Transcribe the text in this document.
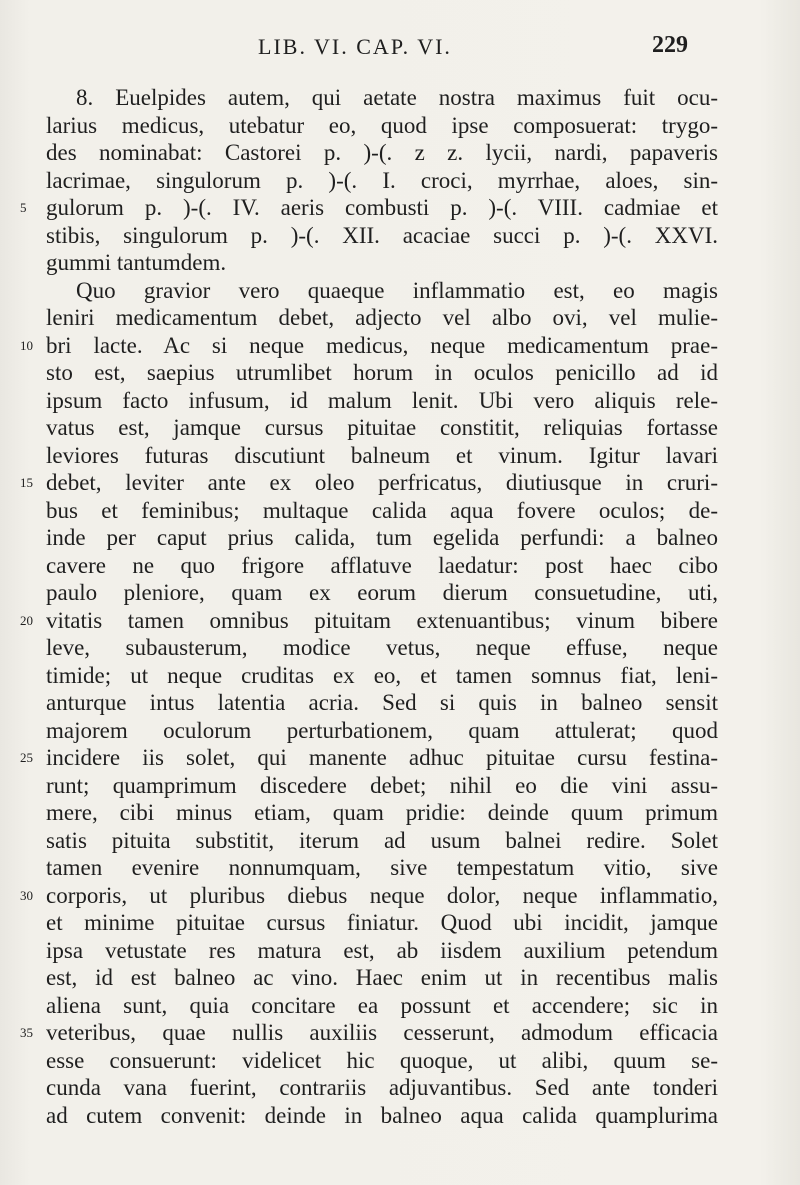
LIB. VI. CAP. VI.	229
8. Euelpides autem, qui aetate nostra maximus fuit ocu-
larius medicus, utebatur eo, quod ipse composuerat: trygo-
des nominabat: Castorei p. )-(. z z. lycii, nardi, papaveris
lacrimae, singulorum p. )-(. I. croci, myrrhae, aloes, sin-
5 gulorum p. )-(. IV. aeris combusti p. )-(. VIII. cadmiae et
stibis, singulorum p. )-(. XII. acaciae succi p. )-(. XXVI.
gummi tantumdem.
Quo gravior vero quaeque inflammatio est, eo magis
leniri medicamentum debet, adjecto vel albo ovi, vel mulie-
10 bri lacte. Ac si neque medicus, neque medicamentum prae-
sto est, saepius utrumlibet horum in oculos penicillo ad id
ipsum facto infusum, id malum lenit. Ubi vero aliquis rele-
vatus est, jamque cursus pituitae constitit, reliquias fortasse
leviores futuras discutiunt balneum et vinum. Igitur lavari
15 debet, leviter ante ex oleo perfricatus, diutiusque in cruri-
bus et feminibus; multaque calida aqua fovere oculos; de-
inde per caput prius calida, tum egelida perfundi: a balneo
cavere ne quo frigore afflatuve laedatur: post haec cibo
paulo pleniore, quam ex eorum dierum consuetudine, uti,
20 vitatis tamen omnibus pituitam extenuantibus; vinum bibere
leve, subausterum, modice vetus, neque effuse, neque
timide; ut neque cruditas ex eo, et tamen somnus fiat, leni-
anturque intus latentia acria. Sed si quis in balneo sensit
majorem oculorum perturbationem, quam attulerat; quod
25 incidere iis solet, qui manente adhuc pituitae cursu festina-
runt; quamprimum discedere debet; nihil eo die vini assu-
mere, cibi minus etiam, quam pridie: deinde quum primum
satis pituita substitit, iterum ad usum balnei redire. Solet
tamen evenire nonnumquam, sive tempestatum vitio, sive
30 corporis, ut pluribus diebus neque dolor, neque inflammatio,
et minime pituitae cursus finiatur. Quod ubi incidit, jamque
ipsa vetustate res matura est, ab iisdem auxilium petendum
est, id est balneo ac vino. Haec enim ut in recentibus malis
aliena sunt, quia concitare ea possunt et accendere; sic in
35 veteribus, quae nullis auxiliis cesserunt, admodum efficacia
esse consuerunt: videlicet hic quoque, ut alibi, quum se-
cunda vana fuerint, contrariis adjuvantibus. Sed ante tonderi
ad cutem convenit: deinde in balneo aqua calida quamplurima
